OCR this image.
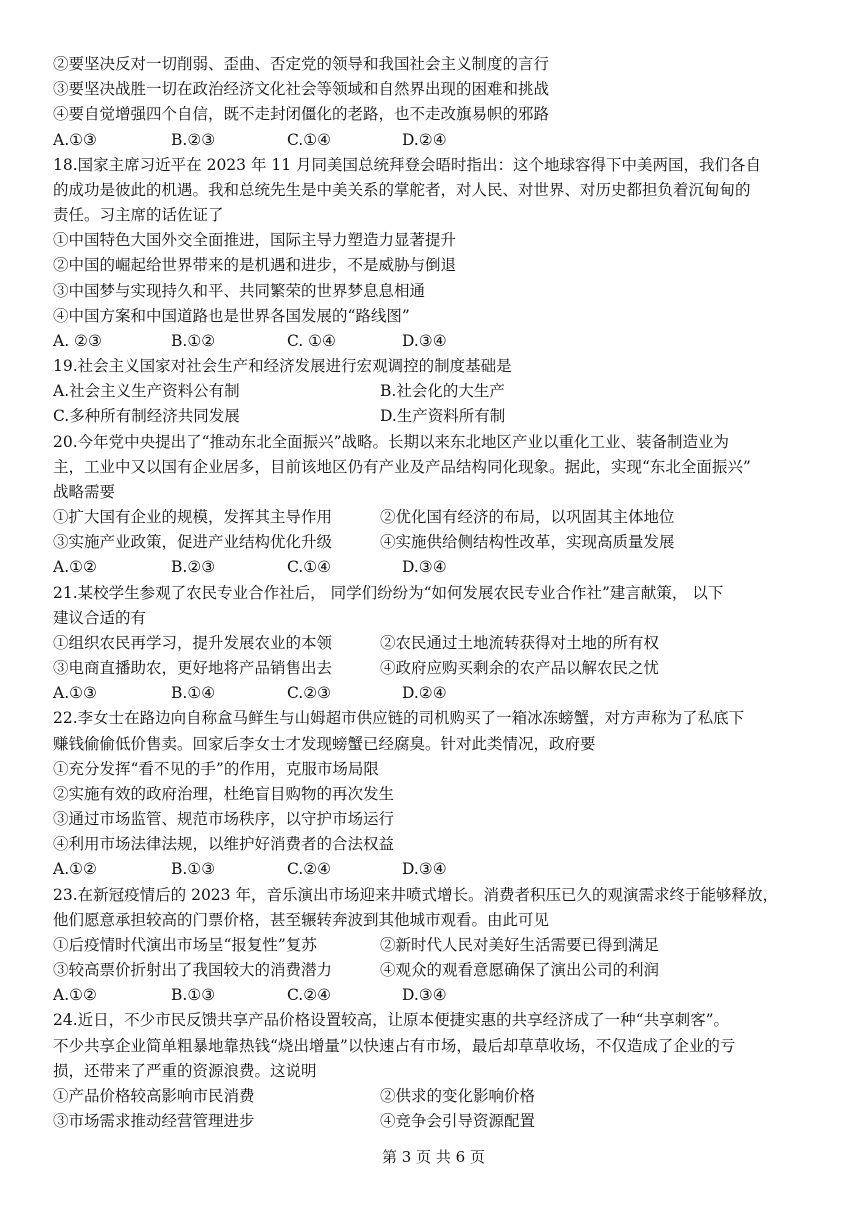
②要坚决反对一切削弱、歪曲、否定党的领导和我国社会主义制度的言行
③要坚决战胜一切在政治经济文化社会等领域和自然界出现的困难和挑战
④要自觉增强四个自信，既不走封闭僵化的老路，也不走改旗易帜的邪路
A.①③	B.②③	C.①④	D.②④
18.国家主席习近平在 2023 年 11 月同美国总统拜登会晤时指出：这个地球容得下中美两国，我们各自
的成功是彼此的机遇。我和总统先生是中美关系的掌舵者，对人民、对世界、对历史都担负着沉甸甸的
责任。习主席的话佐证了
①中国特色大国外交全面推进，国际主导力塑造力显著提升
②中国的崛起给世界带来的是机遇和进步，不是威胁与倒退
③中国梦与实现持久和平、共同繁荣的世界梦息息相通
④中国方案和中国道路也是世界各国发展的“路线图”
A. ②③	B.①②	C. ①④	D.③④
19.社会主义国家对社会生产和经济发展进行宏观调控的制度基础是
A.社会主义生产资料公有制	B.社会化的大生产
C.多种所有制经济共同发展	D.生产资料所有制
20.今年党中央提出了“推动东北全面振兴”战略。长期以来东北地区产业以重化工业、装备制造业为
主，工业中又以国有企业居多，目前该地区仍有产业及产品结构同化现象。据此，实现“东北全面振兴”
战略需要
①扩大国有企业的规模，发挥其主导作用	②优化国有经济的布局，以巩固其主体地位
③实施产业政策，促进产业结构优化升级	④实施供给侧结构性改革，实现高质量发展
A.①②	B.②③	C.①④	D.③④
21.某校学生参观了农民专业合作社后， 同学们纷纷为“如何发展农民专业合作社”建言献策， 以下
建议合适的有
①组织农民再学习，提升发展农业的本领	②农民通过土地流转获得对土地的所有权
③电商直播助农，更好地将产品销售出去	④政府应购买剩余的农产品以解农民之忧
A.①③	B.①④	C.②③	D.②④
22.李女士在路边向自称盒马鲜生与山姆超市供应链的司机购买了一箱冰冻螃蟹，对方声称为了私底下
赚钱偷偷低价售卖。回家后李女士才发现螃蟹已经腐臭。针对此类情况，政府要
①充分发挥“看不见的手”的作用，克服市场局限
②实施有效的政府治理，杜绝盲目购物的再次发生
③通过市场监管、规范市场秩序，以守护市场运行
④利用市场法律法规，以维护好消费者的合法权益
A.①②	B.①③	C.②④	D.③④
23.在新冠疫情后的 2023 年，音乐演出市场迎来井喷式增长。消费者积压已久的观演需求终于能够释放，
他们愿意承担较高的门票价格，甚至辗转奔波到其他城市观看。由此可见
①后疫情时代演出市场呈“报复性”复苏	②新时代人民对美好生活需要已得到满足
③较高票价折射出了我国较大的消费潜力	④观众的观看意愿确保了演出公司的利润
A.①②	B.①③	C.②④	D.③④
24.近日，不少市民反馈共享产品价格设置较高，让原本便捷实惠的共享经济成了一种“共享刺客”。
不少共享企业简单粗暴地靠热钱“烧出增量”以快速占有市场，最后却草草收场，不仅造成了企业的亏
损，还带来了严重的资源浪费。这说明
①产品价格较高影响市民消费	②供求的变化影响价格
③市场需求推动经营管理进步	④竞争会引导资源配置
第 3 页 共 6 页
